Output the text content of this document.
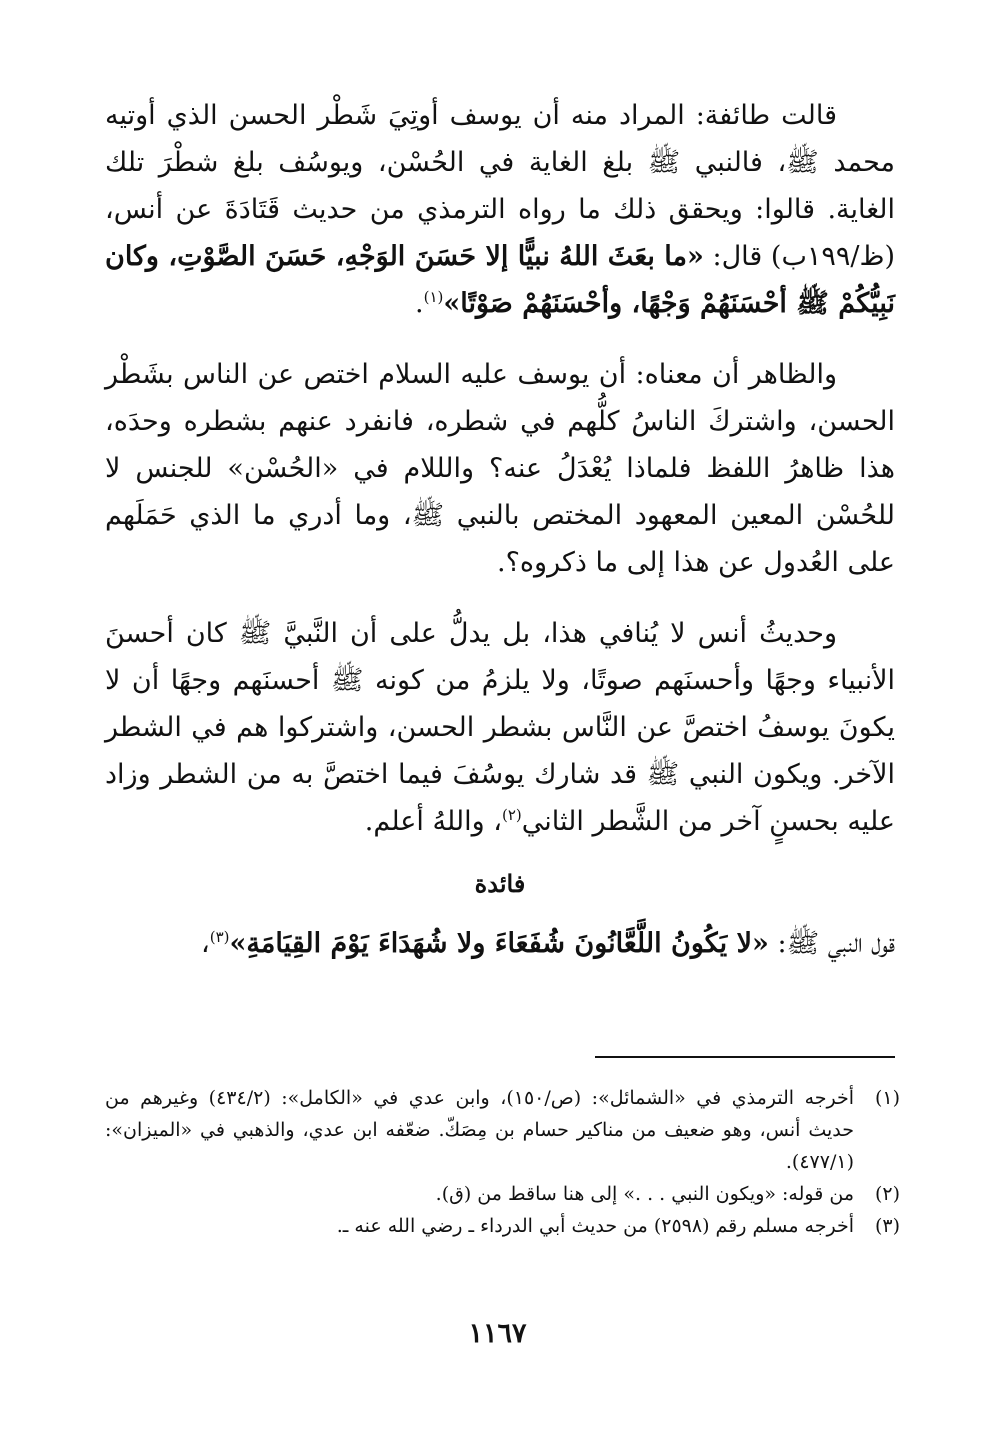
قالت طائفة: المراد منه أن يوسف أوتِيَ شَطْر الحسن الذي أوتيه محمد ﷺ، فالنبي ﷺ بلغ الغاية في الحُسْن، ويوسُف بلغ شطْرَ تلك الغاية. قالوا: ويحقق ذلك ما رواه الترمذي من حديث قَتَادَةَ عن أنس، (ظ/١٩٩ب) قال: «ما بعَثَ اللهُ نبيًّا إلا حَسَنَ الوَجْهِ، حَسَنَ الصَّوْتِ، وكان نَبِيُّكُمْ ﷺ أحْسَنَهُمْ وَجْهًا، وأحْسَنَهُمْ صَوْتًا»$^{(١)}$.

والظاهر أن معناه: أن يوسف عليه السلام اختص عن الناس بشَطْر الحسن، واشتركَ الناسُ كلُّهم في شطره، فانفرد عنهم بشطره وحدَه، هذا ظاهرُ اللفظ فلماذا يُعْدَلُ عنه؟ والللام في «الحُسْن» للجنس لا للحُسْن المعين المعهود المختص بالنبي ﷺ، وما أدري ما الذي حَمَلَهم على العُدول عن هذا إلى ما ذكروه؟.

وحديثُ أنس لا يُنافي هذا، بل يدلُّ على أن النَّبيَّ ﷺ كان أحسنَ الأنبياء وجهًا وأحسنَهم صوتًا، ولا يلزمُ من كونه ﷺ أحسنَهم وجهًا أن لا يكونَ يوسفُ اختصَّ عن النَّاس بشطر الحسن، واشتركوا هم في الشطر الآخر. ويكون النبي ﷺ قد شارك يوسُفَ فيما اختصَّ به من الشطر وزاد عليه بحسنٍ آخر من الشَّطر الثاني$^{(٢)}$، واللهُ أعلم.

فائدة

قول النبي ﷺ: «لا يَكُونُ اللَّعَّانُونَ شُفَعَاءَ ولا شُهَدَاءَ يَوْمَ القِيَامَةِ»$^{(٣)}$،

(١)
أخرجه الترمذي في «الشمائل»: (ص/١٥٠)، وابن عدي في «الكامل»: (٤٣٤/٢) وغيرهم من حديث أنس، وهو ضعيف من مناكير حسام بن مِصَكّ. ضعّفه ابن عدي، والذهبي في «الميزان»: (٤٧٧/١).
(٢)
من قوله: «ويكون النبي . . .» إلى هنا ساقط من (ق).
(٣)
أخرجه مسلم رقم (٢٥٩٨) من حديث أبي الدرداء ـ رضي الله عنه ـ.
١١٦٧
